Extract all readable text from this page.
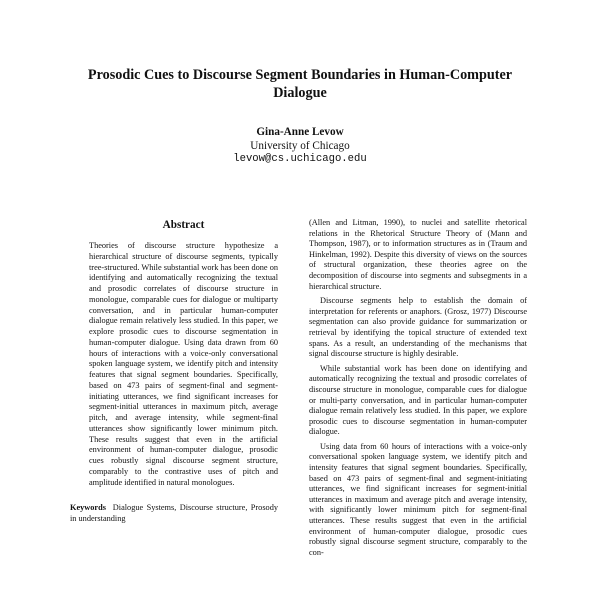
Prosodic Cues to Discourse Segment Boundaries in Human-Computer Dialogue
Gina-Anne Levow
University of Chicago
levow@cs.uchicago.edu
Abstract

Theories of discourse structure hypothesize a hierarchical structure of discourse segments, typically tree-structured. While substantial work has been done on identifying and automatically recognizing the textual and prosodic correlates of discourse structure in monologue, comparable cues for dialogue or multiparty conversation, and in particular human-computer dialogue remain relatively less studied. In this paper, we explore prosodic cues to discourse segmentation in human-computer dialogue. Using data drawn from 60 hours of interactions with a voice-only conversational spoken language system, we identify pitch and intensity features that signal segment boundaries. Specifically, based on 473 pairs of segment-final and segment-initiating utterances, we find significant increases for segment-initial utterances in maximum pitch, average pitch, and average intensity, while segment-final utterances show significantly lower minimum pitch. These results suggest that even in the artificial environment of human-computer dialogue, prosodic cues robustly signal discourse segment structure, comparably to the contrastive uses of pitch and amplitude identified in natural monologues.

Keywords Dialogue Systems, Discourse structure, Prosody in understanding

(Allen and Litman, 1990), to nuclei and satellite rhetorical relations in the Rhetorical Structure Theory of (Mann and Thompson, 1987), or to information structures as in (Traum and Hinkelman, 1992). Despite this diversity of views on the sources of structural organization, these theories agree on the decomposition of discourse into segments and subsegments in a hierarchical structure.

Discourse segments help to establish the domain of interpretation for referents or anaphors. (Grosz, 1977) Discourse segmentation can also provide guidance for summarization or retrieval by identifying the topical structure of extended text spans. As a result, an understanding of the mechanisms that signal discourse structure is highly desirable.

While substantial work has been done on identifying and automatically recognizing the textual and prosodic correlates of discourse structure in monologue, comparable cues for dialogue or multi-party conversation, and in particular human-computer dialogue remain relatively less studied. In this paper, we explore prosodic cues to discourse segmentation in human-computer dialogue.

Using data from 60 hours of interactions with a voice-only conversational spoken language system, we identify pitch and intensity features that signal segment boundaries. Specifically, based on 473 pairs of segment-final and segment-initiating utterances, we find significant increases for segment-initial utterances in maximum and average pitch and average intensity, with significantly lower minimum pitch for segment-final utterances. These results suggest that even in the artificial environment of human-computer dialogue, prosodic cues robustly signal discourse segment structure, comparably to the con-
